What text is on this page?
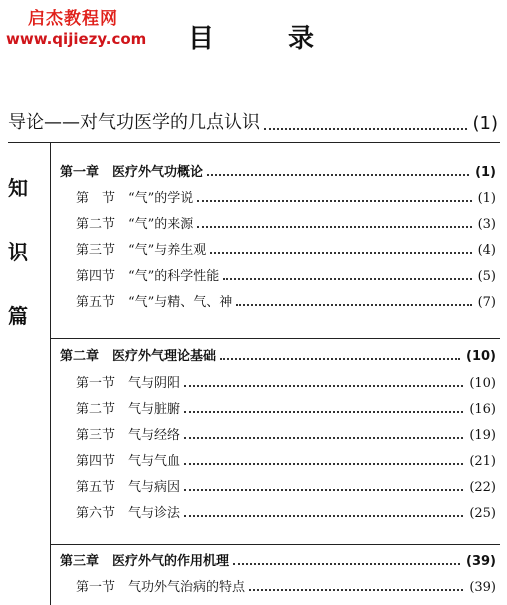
启杰教程网
www.qijiezy.com 目	录
导论——对气功医学的几点认识	(1)
知
识
篇
第一章　医疗外气功概论	(1)
第　节　“气”的学说	(1)
第二节　“气”的来源	(3)
第三节　“气”与养生观	(4)
第四节　“气”的科学性能	(5)
第五节　“气”与精、气、神	(7)
第二章　医疗外气理论基础	(10)
第一节　气与阴阳	(10)
第二节　气与脏腑	(16)
第三节　气与经络	(19)
第四节　气与气血	(21)
第五节　气与病因	(22)
第六节　气与诊法	(25)
第三章　医疗外气的作用机理	(39)
第一节　气功外气治病的特点	(39)
